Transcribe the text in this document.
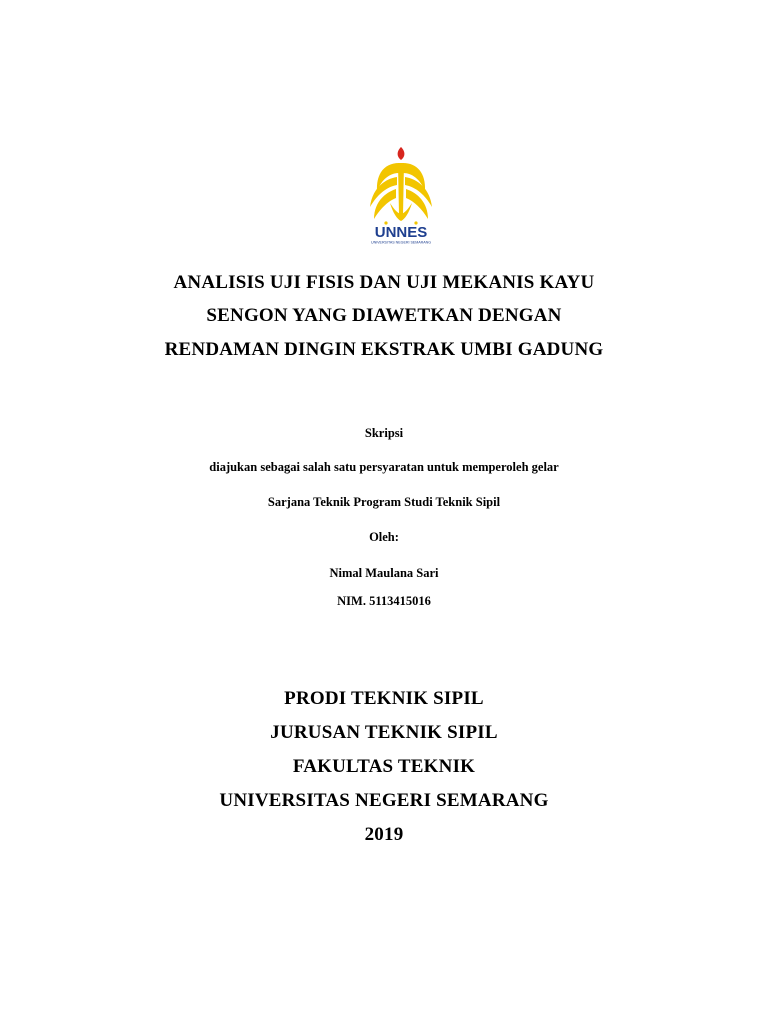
UNNES
UNIVERSITAS NEGERI SEMARANG
ANALISIS UJI FISIS DAN UJI MEKANIS KAYU
SENGON YANG DIAWETKAN DENGAN
RENDAMAN DINGIN EKSTRAK UMBI GADUNG
Skripsi
diajukan sebagai salah satu persyaratan untuk memperoleh gelar
Sarjana Teknik Program Studi Teknik Sipil
Oleh:
Nimal Maulana Sari
NIM. 5113415016
PRODI TEKNIK SIPIL
JURUSAN TEKNIK SIPIL
FAKULTAS TEKNIK
UNIVERSITAS NEGERI SEMARANG
2019
